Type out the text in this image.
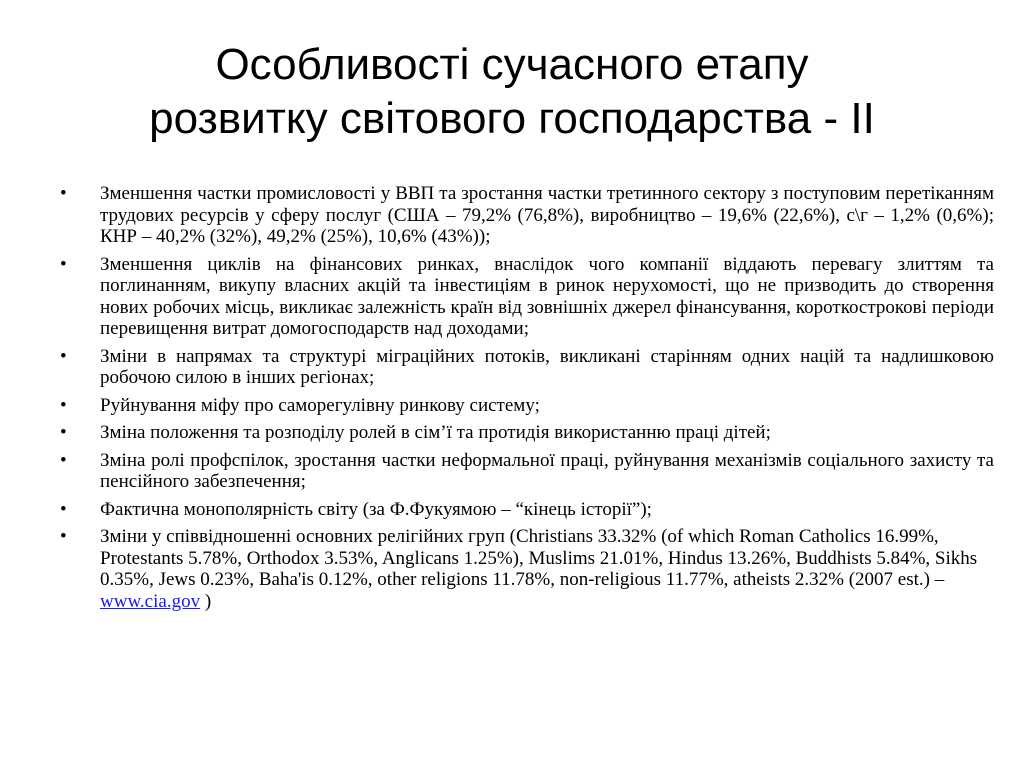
Особливості сучасного етапу
розвитку світового господарства - ІІ
•	Зменшення частки промисловості у ВВП та зростання частки третинного сектору з поступовим перетіканням трудових ресурсів у сферу послуг (США – 79,2% (76,8%), виробництво – 19,6% (22,6%), с\г – 1,2% (0,6%); КНР – 40,2% (32%), 49,2% (25%), 10,6% (43%));
•	Зменшення циклів на фінансових ринках, внаслідок чого компанії віддають перевагу злиттям та поглинанням, викупу власних акцій та інвестиціям в ринок нерухомості, що не призводить до створення нових робочих місць, викликає залежність країн від зовнішніх джерел фінансування, короткострокові періоди перевищення витрат домогосподарств над доходами;
•	Зміни в напрямах та структурі міграційних потоків, викликані старінням одних націй та надлишковою робочою силою в інших регіонах;
•	Руйнування міфу про саморегулівну ринкову систему;
•	Зміна положення та розподілу ролей в сім’ї та протидія використанню праці дітей;
•	Зміна ролі профспілок, зростання частки неформальної праці, руйнування механізмів соціального захисту та пенсійного забезпечення;
•	Фактична монополярність світу (за Ф.Фукуямою – “кінець історії”);
•	Зміни у співвідношенні основних релігійних груп (Christians 33.32% (of which Roman Catholics 16.99%, Protestants 5.78%, Orthodox 3.53%, Anglicans 1.25%), Muslims 21.01%, Hindus 13.26%, Buddhists 5.84%, Sikhs 0.35%, Jews 0.23%, Baha'is 0.12%, other religions 11.78%, non-religious 11.77%, atheists 2.32% (2007 est.) – www.cia.gov )
